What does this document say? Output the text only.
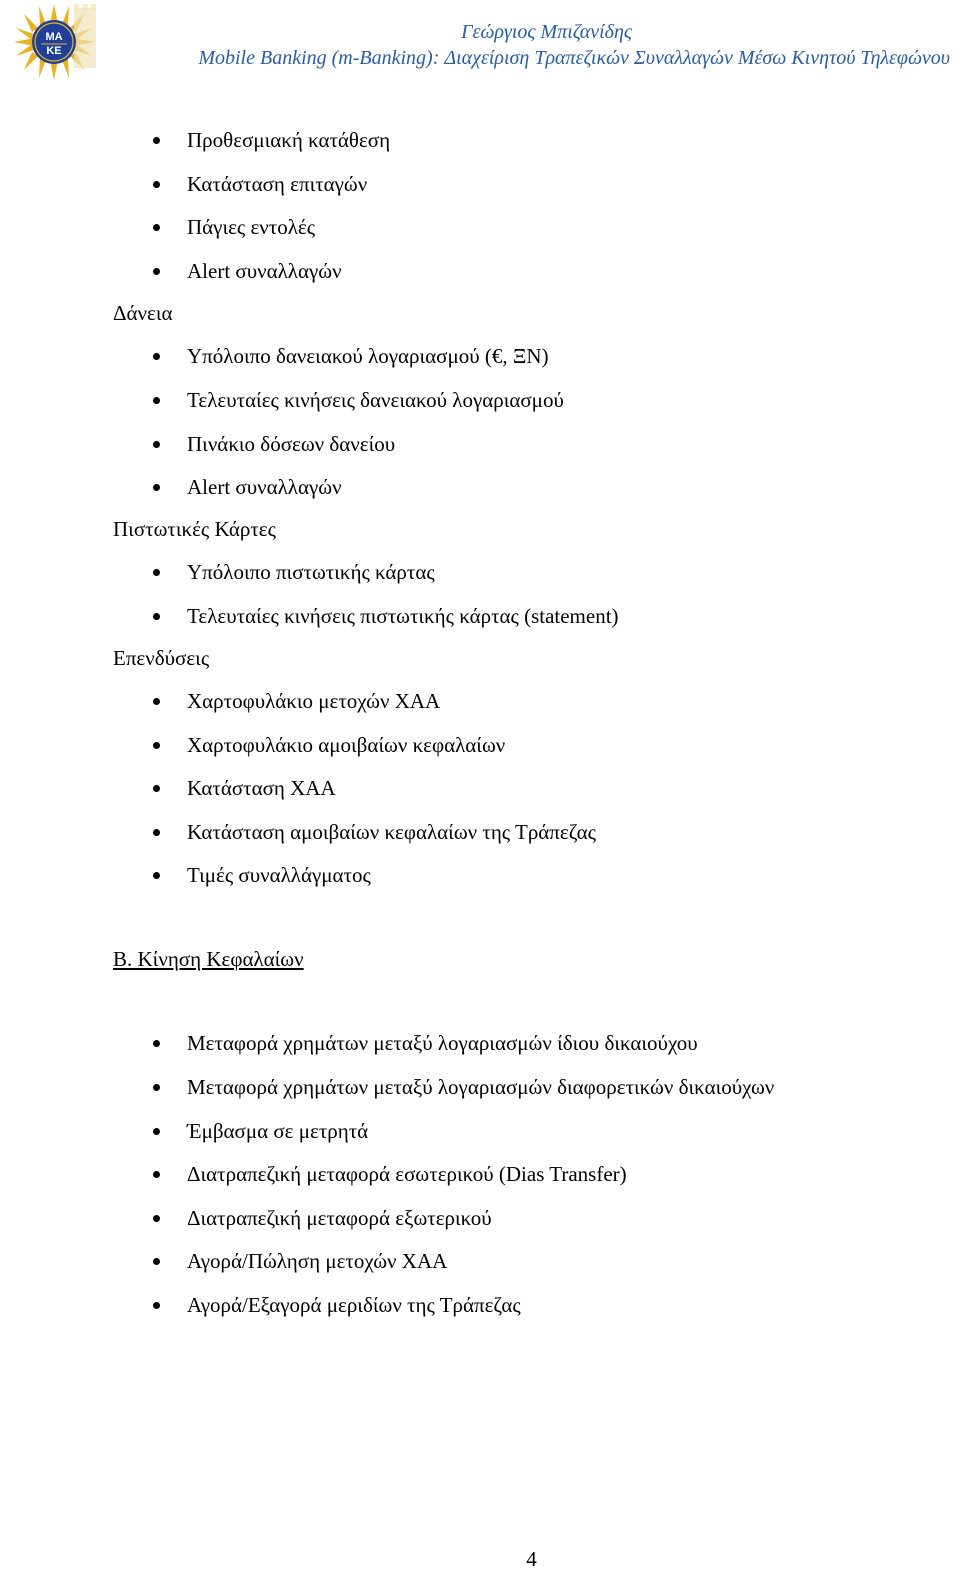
ΜΑ
ΚΕ
Γεώργιος Μπιζανίδης
Mobile Banking (m-Banking): Διαχείριση Τραπεζικών Συναλλαγών Μέσω Κινητού Τηλεφώνου
Προθεσμιακή κατάθεση
Κατάσταση επιταγών
Πάγιες εντολές
Alert συναλλαγών
Δάνεια
Υπόλοιπο δανειακού λογαριασμού (€, ΞΝ)
Τελευταίες κινήσεις δανειακού λογαριασμού
Πινάκιο δόσεων δανείου
Alert συναλλαγών
Πιστωτικές Κάρτες
Υπόλοιπο πιστωτικής κάρτας
Τελευταίες κινήσεις πιστωτικής κάρτας (statement)
Επενδύσεις
Χαρτοφυλάκιο μετοχών ΧΑΑ
Χαρτοφυλάκιο αμοιβαίων κεφαλαίων
Κατάσταση ΧΑΑ
Κατάσταση αμοιβαίων κεφαλαίων της Τράπεζας
Τιμές συναλλάγματος
Β. Κίνηση Κεφαλαίων
Μεταφορά χρημάτων μεταξύ λογαριασμών ίδιου δικαιούχου
Μεταφορά χρημάτων μεταξύ λογαριασμών διαφορετικών δικαιούχων
Έμβασμα σε μετρητά
Διατραπεζική μεταφορά εσωτερικού (Dias Transfer)
Διατραπεζική μεταφορά εξωτερικού
Αγορά/Πώληση μετοχών ΧΑΑ
Αγορά/Εξαγορά μεριδίων της Τράπεζας
4
